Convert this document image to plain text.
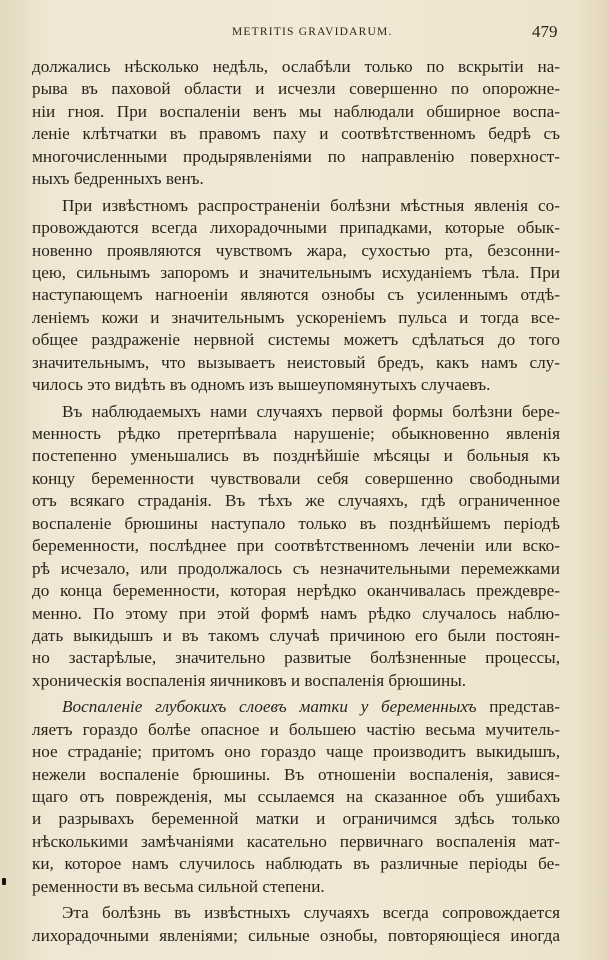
METRITIS GRAVIDARUM.	479

должались нѣсколько недѣль, ослабѣли только по вскрытіи на-
рыва въ паховой области и исчезли совершенно по опорожне-
ніи гноя. При воспаленіи венъ мы наблюдали обширное воспа-
леніе клѣтчатки въ правомъ паху и соотвѣтственномъ бедрѣ съ
многочисленными продырявленіями по направленію поверхност-
ныхъ бедренныхъ венъ.

При извѣстномъ распространеніи болѣзни мѣстныя явленія со-
провождаются всегда лихорадочными припадками, которые обык-
новенно проявляются чувствомъ жара, сухостью рта, безсонни-
цею, сильнымъ запоромъ и значительнымъ исхуданіемъ тѣла. При
наступающемъ нагноеніи являются ознобы съ усиленнымъ отдѣ-
леніемъ кожи и значительнымъ ускореніемъ пульса и тогда все-
общее раздраженіе нервной системы можетъ сдѣлаться до того
значительнымъ, что вызываетъ неистовый бредъ, какъ намъ слу-
чилось это видѣть въ одномъ изъ вышеупомянутыхъ случаевъ.

Въ наблюдаемыхъ нами случаяхъ первой формы болѣзни бере-
менность рѣдко претерпѣвала нарушеніе; обыкновенно явленія
постепенно уменьшались въ позднѣйшіе мѣсяцы и больныя къ
концу беременности чувствовали себя совершенно свободными
отъ всякаго страданія. Въ тѣхъ же случаяхъ, гдѣ ограниченное
воспаленіе брюшины наступало только въ позднѣйшемъ періодѣ
беременности, послѣднее при соотвѣтственномъ леченіи или вско-
рѣ исчезало, или продолжалось съ незначительными перемежками
до конца беременности, которая нерѣдко оканчивалась преждевре-
менно. По этому при этой формѣ намъ рѣдко случалось наблю-
дать выкидышъ и въ такомъ случаѣ причиною его были постоян-
но застарѣлые, значительно развитые болѣзненные процессы,
хроническія воспаленія яичниковъ и воспаленія брюшины.

Воспаленіе глубокихъ слоевъ матки у беременныхъ представ-
ляетъ гораздо болѣе опасное и большею частію весьма мучитель-
ное страданіе; притомъ оно гораздо чаще производитъ выкидышъ,
нежели воспаленіе брюшины. Въ отношеніи воспаленія, завися-
щаго отъ поврежденія, мы ссылаемся на сказанное объ ушибахъ
и разрывахъ беременной матки и ограничимся здѣсь только
нѣсколькими замѣчаніями касательно первичнаго воспаленія мат-
ки, которое намъ случилось наблюдать въ различные періоды бе-
ременности въ весьма сильной степени.

Эта болѣзнь въ извѣстныхъ случаяхъ всегда сопровождается
лихорадочными явленіями; сильные ознобы, повторяющіеся иногда
